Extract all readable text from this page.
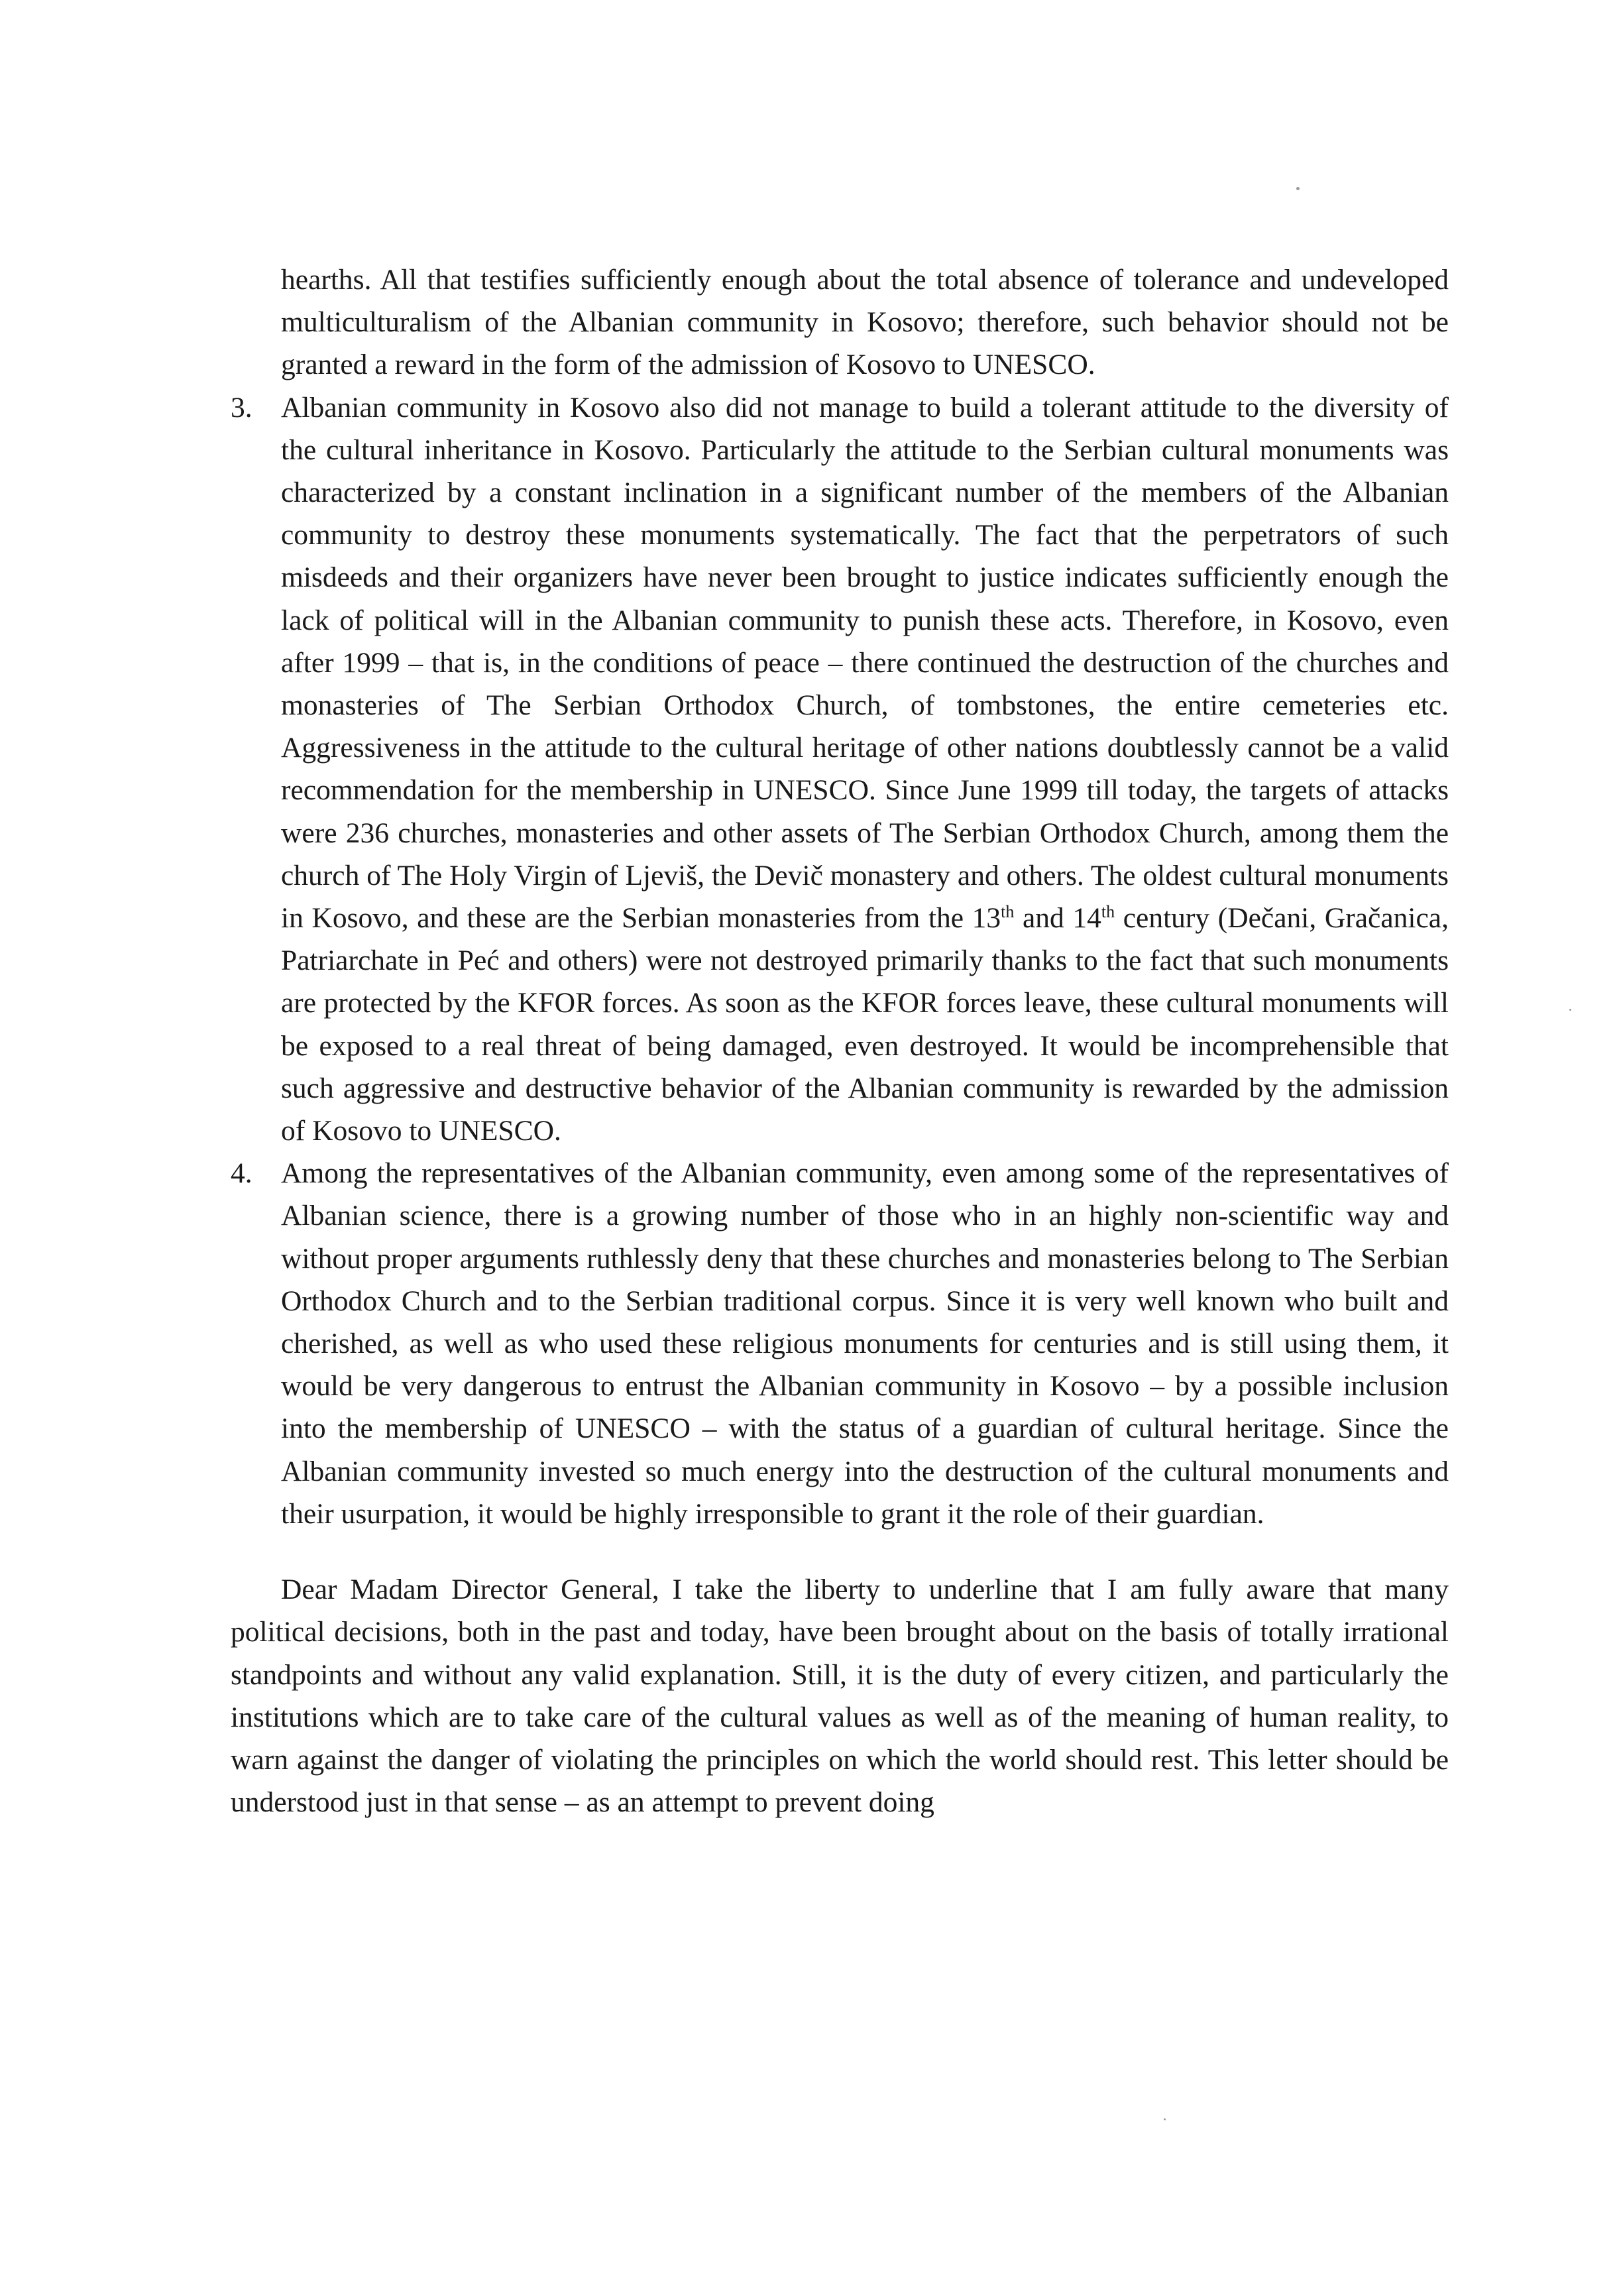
hearths. All that testifies sufficiently enough about the total absence of tolerance and undeveloped multiculturalism of the Albanian community in Kosovo; therefore, such behavior should not be granted a reward in the form of the admission of Kosovo to UNESCO.

3. Albanian community in Kosovo also did not manage to build a tolerant attitude to the diversity of the cultural inheritance in Kosovo. Particularly the attitude to the Serbian cultural monuments was characterized by a constant inclination in a significant number of the members of the Albanian community to destroy these monuments systematically. The fact that the perpetrators of such misdeeds and their organizers have never been brought to justice indicates sufficiently enough the lack of political will in the Albanian community to punish these acts. Therefore, in Kosovo, even after 1999 – that is, in the conditions of peace – there continued the destruction of the churches and monasteries of The Serbian Orthodox Church, of tombstones, the entire cemeteries etc. Aggressiveness in the attitude to the cultural heritage of other nations doubtlessly cannot be a valid recommendation for the membership in UNESCO. Since June 1999 till today, the targets of attacks were 236 churches, monasteries and other assets of The Serbian Orthodox Church, among them the church of The Holy Virgin of Ljeviš, the Devič monastery and others. The oldest cultural monuments in Kosovo, and these are the Serbian monasteries from the 13th and 14th century (Dečani, Gračanica, Patriarchate in Peć and others) were not destroyed primarily thanks to the fact that such monuments are protected by the KFOR forces. As soon as the KFOR forces leave, these cultural monuments will be exposed to a real threat of being damaged, even destroyed. It would be incomprehensible that such aggressive and destructive behavior of the Albanian community is rewarded by the admission of Kosovo to UNESCO.
4. Among the representatives of the Albanian community, even among some of the representatives of Albanian science, there is a growing number of those who in an highly non-scientific way and without proper arguments ruthlessly deny that these churches and monasteries belong to The Serbian Orthodox Church and to the Serbian traditional corpus. Since it is very well known who built and cherished, as well as who used these religious monuments for centuries and is still using them, it would be very dangerous to entrust the Albanian community in Kosovo – by a possible inclusion into the membership of UNESCO – with the status of a guardian of cultural heritage. Since the Albanian community invested so much energy into the destruction of the cultural monuments and their usurpation, it would be highly irresponsible to grant it the role of their guardian.

Dear Madam Director General, I take the liberty to underline that I am fully aware that many political decisions, both in the past and today, have been brought about on the basis of totally irrational standpoints and without any valid explanation. Still, it is the duty of every citizen, and particularly the institutions which are to take care of the cultural values as well as of the meaning of human reality, to warn against the danger of violating the principles on which the world should rest. This letter should be understood just in that sense – as an attempt to prevent doing
